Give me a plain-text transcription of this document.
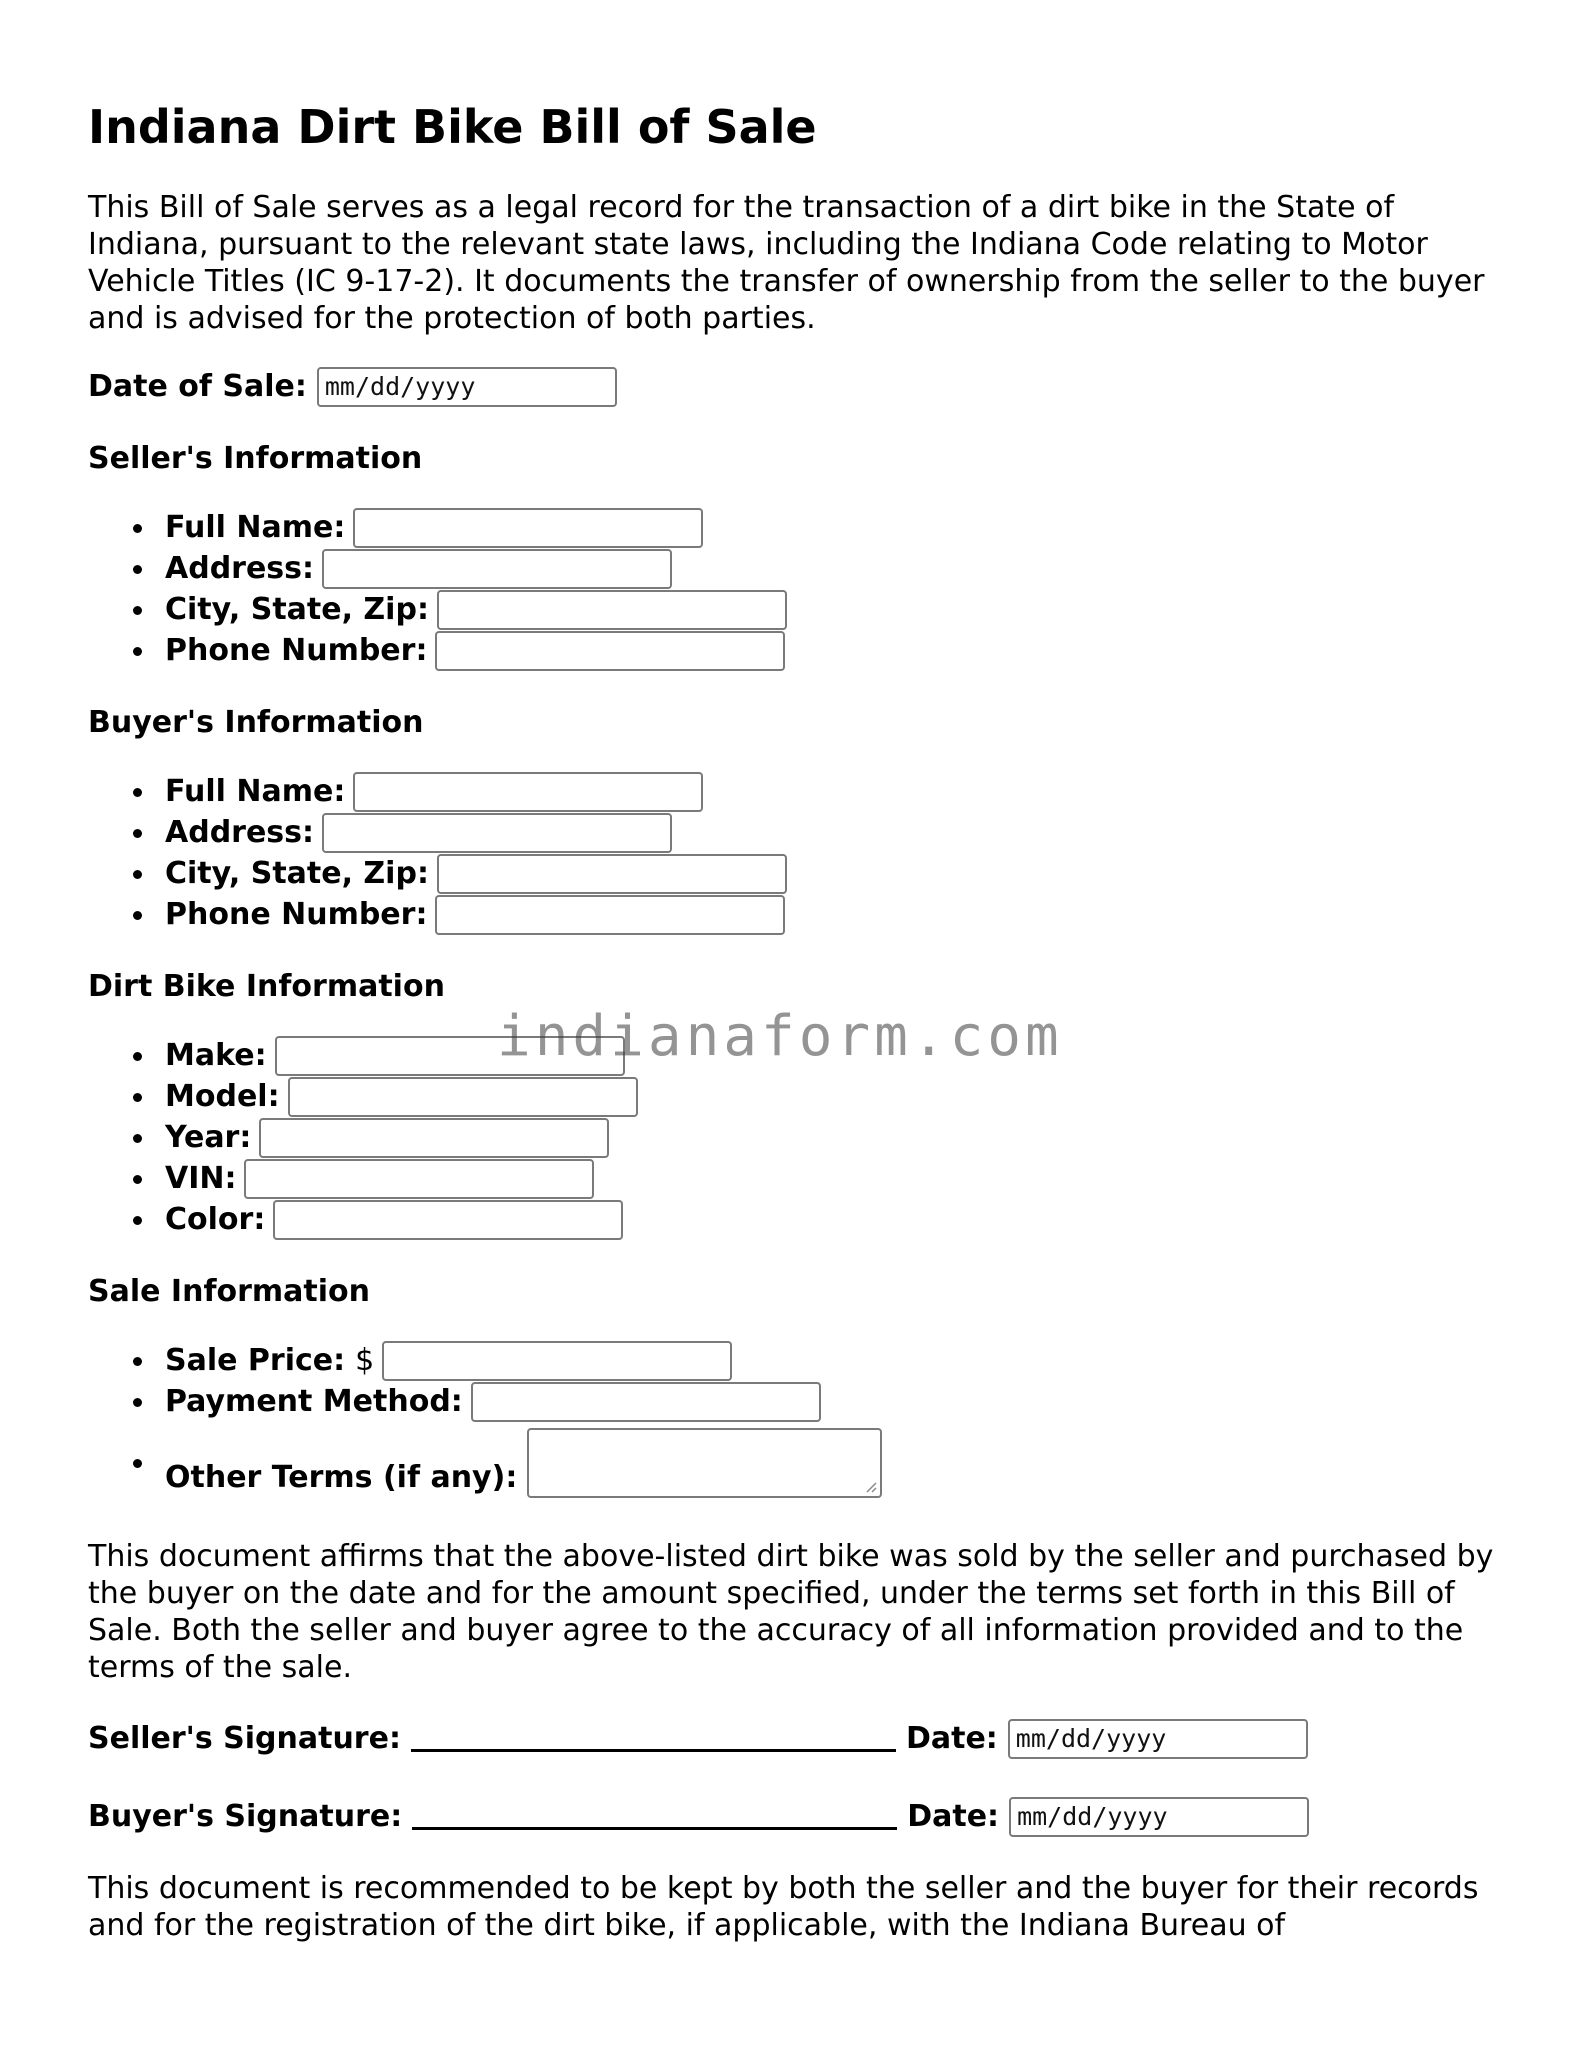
Indiana Dirt Bike Bill of Sale

This Bill of Sale serves as a legal record for the transaction of a dirt bike in the State of Indiana, pursuant to the relevant state laws, including the Indiana Code relating to Motor Vehicle Titles (IC 9-17-2). It documents the transfer of ownership from the seller to the buyer and is advised for the protection of both parties.

Date of Sale: mm/dd/yyyy
Seller's Information
Full Name:
Address:
City, State, Zip:
Phone Number:
Buyer's Information
Full Name:
Address:
City, State, Zip:
Phone Number:
Dirt Bike Information
Make:
Model:
Year:
VIN:
Color:
Sale Information
Sale Price: $
Payment Method:
Other Terms (if any):

This document affirms that the above-listed dirt bike was sold by the seller and purchased by the buyer on the date and for the amount specified, under the terms set forth in this Bill of Sale. Both the seller and buyer agree to the accuracy of all information provided and to the terms of the sale.

Seller's Signature:	Date: mm/dd/yyyy
Buyer's Signature:	Date: mm/dd/yyyy

This document is recommended to be kept by both the seller and the buyer for their records and for the registration of the dirt bike, if applicable, with the Indiana Bureau of

indianaform.com
